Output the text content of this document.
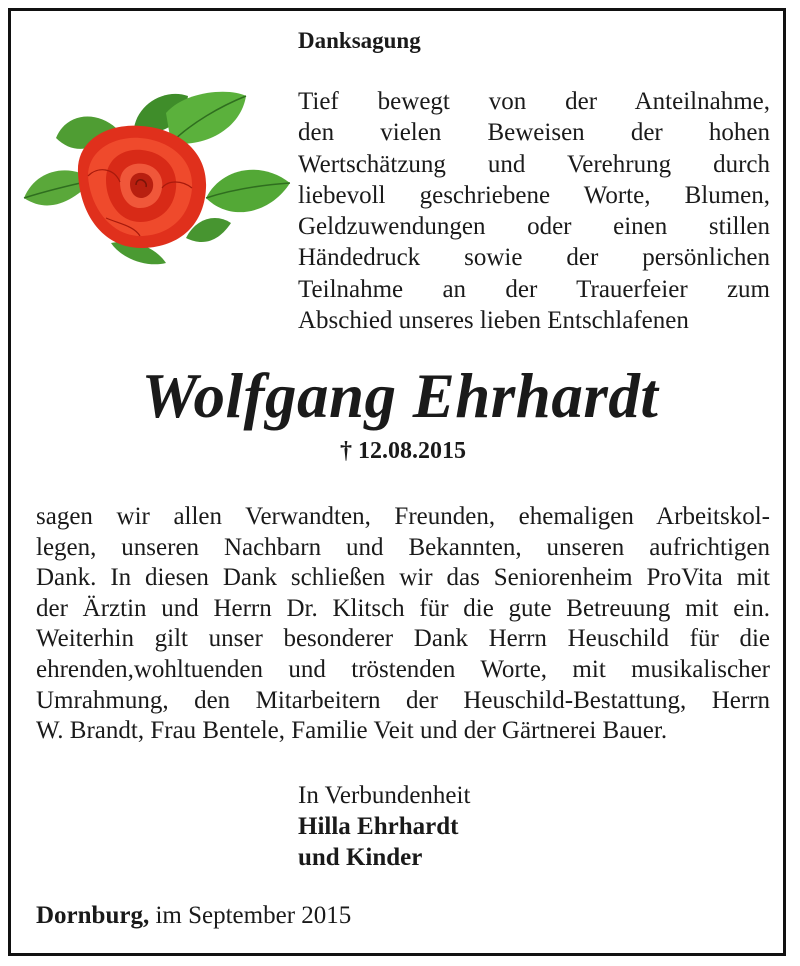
Danksagung
Tief bewegt von der Anteilnahme,
den vielen Beweisen der hohen
Wertschätzung und Verehrung durch
liebevoll geschriebene Worte, Blumen,
Geldzuwendungen oder einen stillen
Händedruck sowie der persönlichen
Teilnahme an der Trauerfeier zum
Abschied unseres lieben Entschlafenen
Wolfgang Ehrhardt
† 12.08.2015
sagen wir allen Verwandten, Freunden, ehemaligen Arbeitskol-
legen, unseren Nachbarn und Bekannten, unseren aufrichtigen
Dank. In diesen Dank schließen wir das Seniorenheim ProVita mit
der Ärztin und Herrn Dr. Klitsch für die gute Betreuung mit ein.
Weiterhin gilt unser besonderer Dank Herrn Heuschild für die
ehrenden,wohltuenden und tröstenden Worte, mit musikalischer
Umrahmung, den Mitarbeitern der Heuschild-Bestattung, Herrn
W. Brandt, Frau Bentele, Familie Veit und der Gärtnerei Bauer.
In Verbundenheit
Hilla Ehrhardt
und Kinder
Dornburg, im September 2015
